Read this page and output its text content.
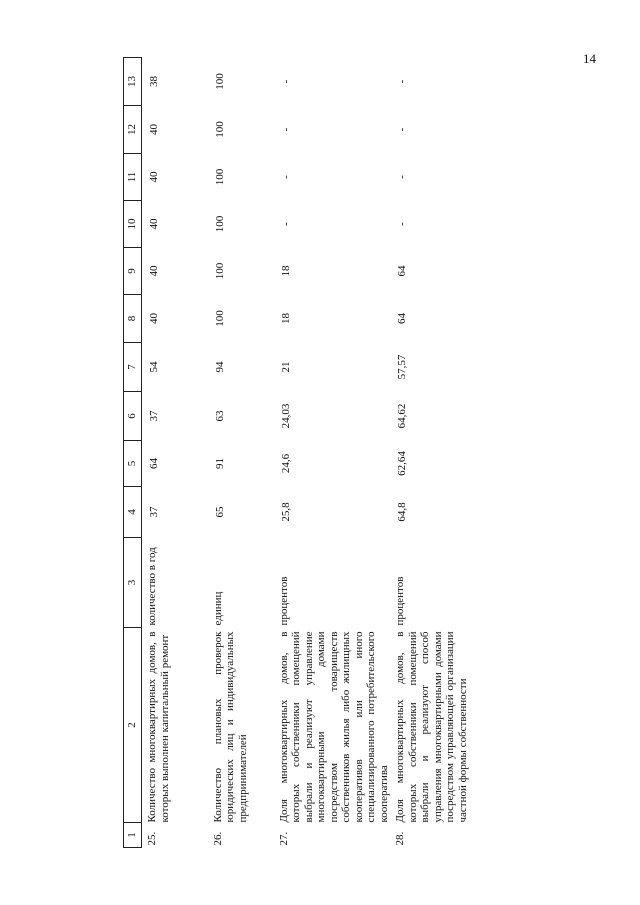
14
1	2	3	4	5	6	7	8	9	10	11	12	13
25.	Количество многоквартирных домов, в которых выполнен капитальный ремонт	количество в год	37	64	37	54	40	40	40	40	40	38
26.	Количество плановых проверок юридических лиц и индивидуальных предпринимателей	единиц	65	91	63	94	100	100	100	100	100	100
27.	Доля многоквартирных домов, в которых собственники помещений выбрали и реализуют управление многоквартирными домами посредством товариществ собственников жилья либо жилищных кооперативов или иного специализированного потребительского кооператива	процентов	25,8	24,6	24,03	21	18	18	-	-	-	-
28.	Доля многоквартирных домов, в которых собственники помещений выбрали и реализуют способ управления многоквартирными домами посредством управляющей организации частной формы собственности	процентов	64,8	62,64	64,62	57,57	64	64	-	-	-	-
